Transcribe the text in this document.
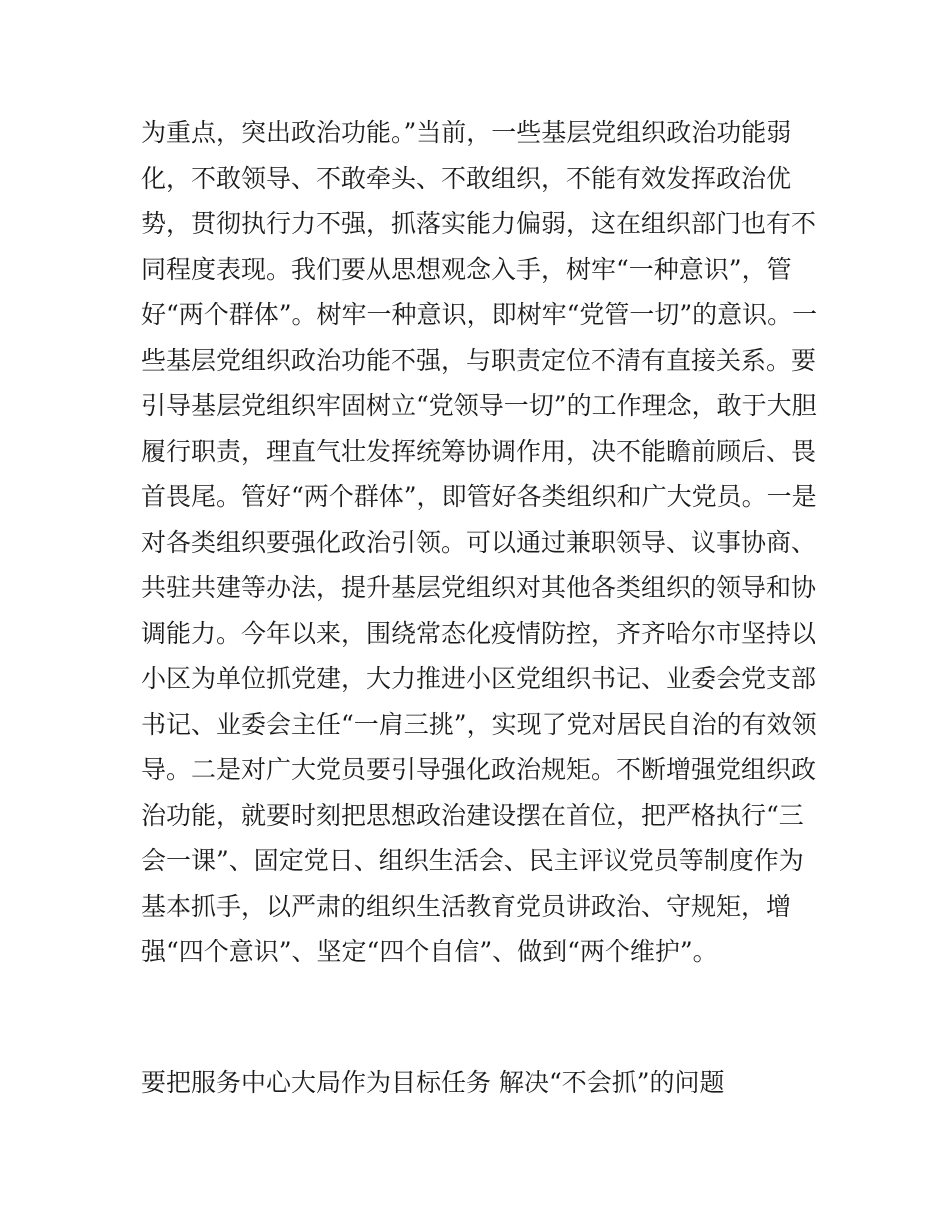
为重点，突出政治功能。”当前，一些基层党组织政治功能弱
化，不敢领导、不敢牵头、不敢组织，不能有效发挥政治优
势，贯彻执行力不强，抓落实能力偏弱，这在组织部门也有不
同程度表现。我们要从思想观念入手，树牢“一种意识”，管
好“两个群体”。树牢一种意识，即树牢“党管一切”的意识。一
些基层党组织政治功能不强，与职责定位不清有直接关系。要
引导基层党组织牢固树立“党领导一切”的工作理念，敢于大胆
履行职责，理直气壮发挥统筹协调作用，决不能瞻前顾后、畏
首畏尾。管好“两个群体”，即管好各类组织和广大党员。一是
对各类组织要强化政治引领。可以通过兼职领导、议事协商、
共驻共建等办法，提升基层党组织对其他各类组织的领导和协
调能力。今年以来，围绕常态化疫情防控，齐齐哈尔市坚持以
小区为单位抓党建，大力推进小区党组织书记、业委会党支部
书记、业委会主任“一肩三挑”，实现了党对居民自治的有效领
导。二是对广大党员要引导强化政治规矩。不断增强党组织政
治功能，就要时刻把思想政治建设摆在首位，把严格执行“三
会一课”、固定党日、组织生活会、民主评议党员等制度作为
基本抓手，以严肃的组织生活教育党员讲政治、守规矩，增
强“四个意识”、坚定“四个自信”、做到“两个维护”。
要把服务中心大局作为目标任务 解决“不会抓”的问题
